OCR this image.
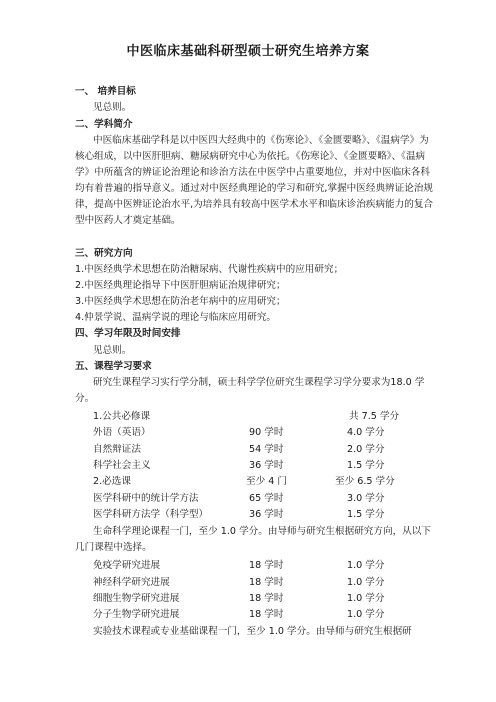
中医临床基础科研型硕士研究生培养方案
一、 培养目标
见总则。
二、学科简介
中医临床基础学科是以中医四大经典中的《伤寒论》、《金匮要略》、《温病学》为核心组成，以中医肝胆病、糖尿病研究中心为依托。《伤寒论》、《金匮要略》、《温病学》中所蕴含的辨证论治理论和诊治方法在中医学中占重要地位，并对中医临床各科均有着普遍的指导意义。通过对中医经典理论的学习和研究,掌握中医经典辨证论治规律，提高中医辨证论治水平,为培养具有较高中医学术水平和临床诊治疾病能力的复合型中医药人才奠定基础。
三、研究方向
1.中医经典学术思想在防治糖尿病、代谢性疾病中的应用研究；
2.中医经典理论指导下中医肝胆病证治规律研究；
3.中医经典学术思想在防治老年病中的应用研究；
4.仲景学说、温病学说的理论与临床应用研究。
四、学习年限及时间安排
见总则。
五、课程学习要求
研究生课程学习实行学分制，硕士科学学位研究生课程学习学分要求为18.0 学分。
1.公共必修课	共 7.5 学分
外语（英语）	90 学时	4.0 学分
自然辩证法	54 学时	2.0 学分
科学社会主义	36 学时	1.5 学分
2.必选课	至少 4 门	至少 6.5 学分
医学科研中的统计学方法	65 学时	3.0 学分
医学科研方法学（科学型）	36 学时	1.5 学分
生命科学理论课程一门，至少 1.0 学分。由导师与研究生根据研究方向，从以下几门课程中选择。
免疫学研究进展	18 学时	1.0 学分
神经科学研究进展	18 学时	1.0 学分
细胞生物学研究进展	18 学时	1.0 学分
分子生物学研究进展	18 学时	1.0 学分
实验技术课程或专业基础课程一门，至少 1.0 学分。由导师与研究生根据研
